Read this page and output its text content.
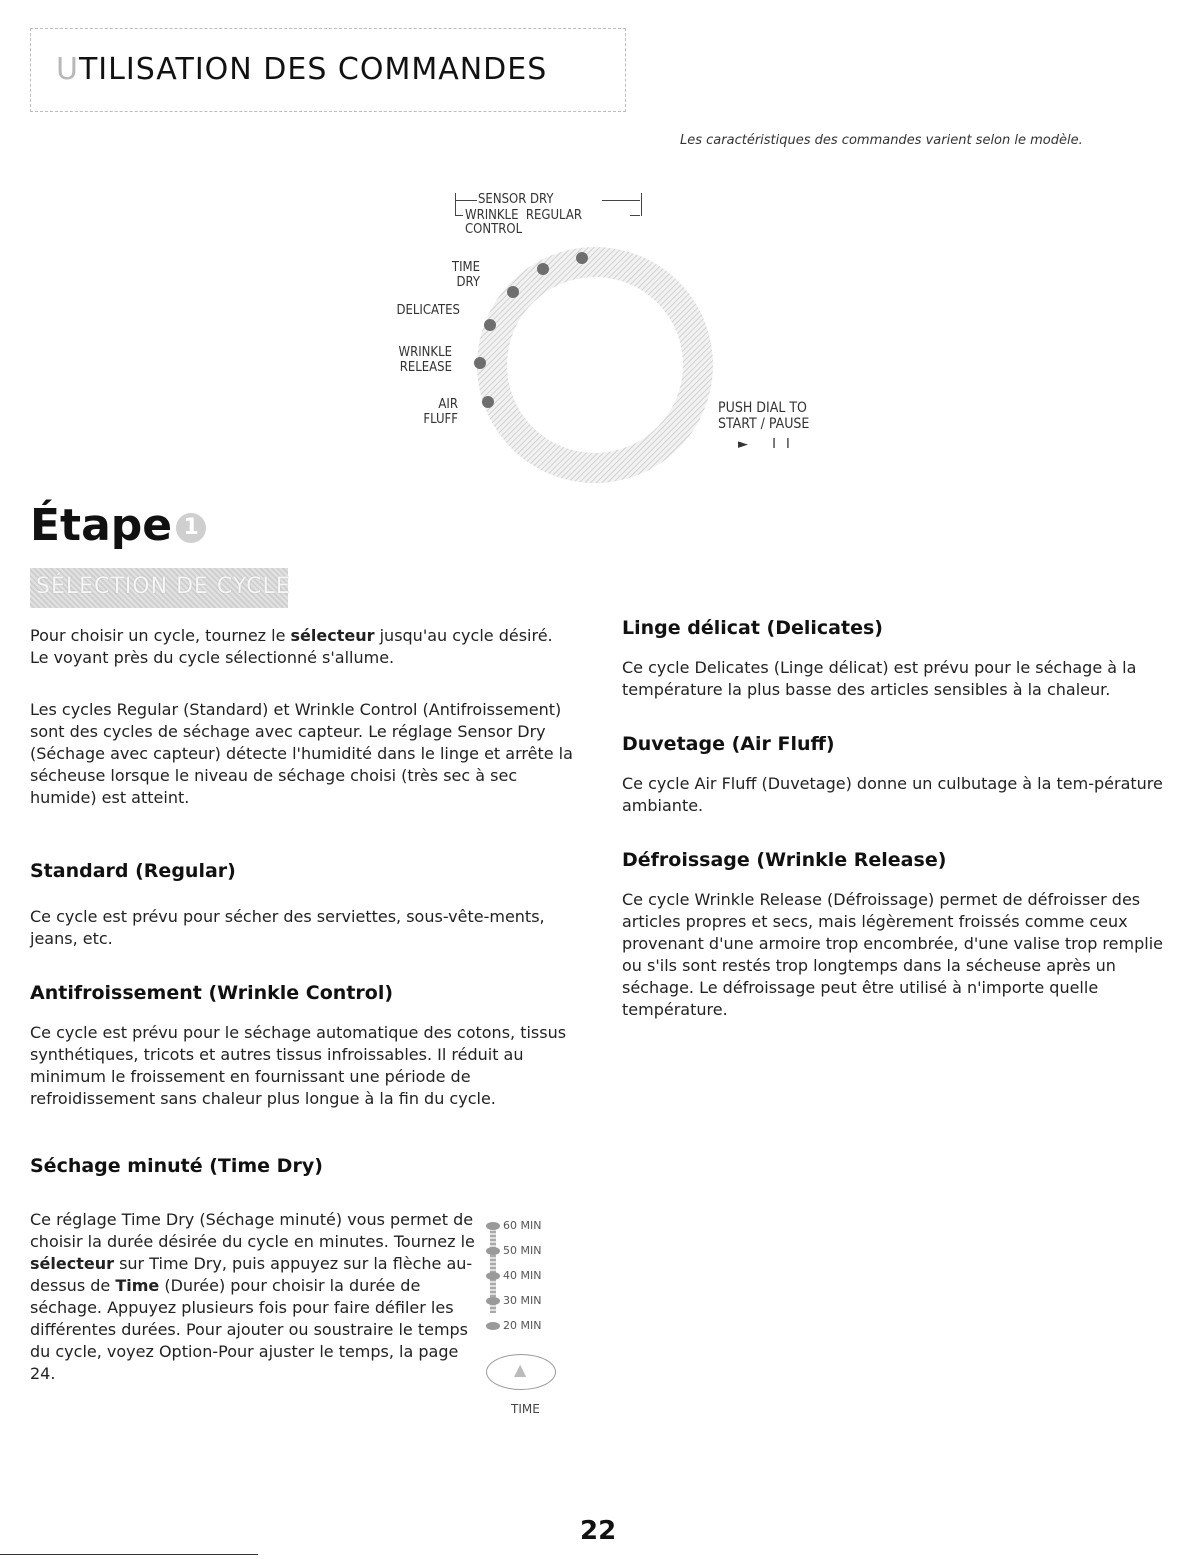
UTILISATION DES COMMANDES
Les caractéristiques des commandes varient selon le modèle.
SENSOR DRY
WRINKLE  REGULAR
CONTROL
TIME
DRY
DELICATES
WRINKLE
RELEASE
AIR
FLUFF
PUSH DIAL TO
START / PAUSE
► II
Étape 1
SÉLECTION DE CYCLE
Pour choisir un cycle, tournez le sélecteur jusqu'au cycle désiré. Le voyant près du cycle sélectionné s'allume.
Les cycles Regular (Standard) et Wrinkle Control (Antifroissement) sont des cycles de séchage avec capteur. Le réglage Sensor Dry (Séchage avec capteur) détecte l'humidité dans le linge et arrête la sécheuse lorsque le niveau de séchage choisi (très sec à sec humide) est atteint.
Standard (Regular)
Ce cycle est prévu pour sécher des serviettes, sous-vête-ments, jeans, etc.
Antifroissement (Wrinkle Control)
Ce cycle est prévu pour le séchage automatique des cotons, tissus synthétiques, tricots et autres tissus infroissables. Il réduit au minimum le froissement en fournissant une période de refroidissement sans chaleur plus longue à la fin du cycle.
Séchage minuté (Time Dry)
Ce réglage Time Dry (Séchage minuté) vous permet de choisir la durée désirée du cycle en minutes. Tournez le sélecteur sur Time Dry, puis appuyez sur la flèche au-dessus de Time (Durée) pour choisir la durée de séchage. Appuyez plusieurs fois pour faire défiler les différentes durées. Pour ajouter ou soustraire le temps du cycle, voyez Option-Pour ajuster le temps, la page 24.
60 MIN
50 MIN
40 MIN
30 MIN
20 MIN
▲
TIME
Linge délicat (Delicates)
Ce cycle Delicates (Linge délicat) est prévu pour le séchage à la température la plus basse des articles sensibles à la chaleur.
Duvetage (Air Fluff)
Ce cycle Air Fluff (Duvetage) donne un culbutage à la tem-pérature ambiante.
Défroissage (Wrinkle Release)
Ce cycle Wrinkle Release (Défroissage) permet de défroisser des articles propres et secs, mais légèrement froissés comme ceux provenant d'une armoire trop encombrée, d'une valise trop remplie ou s'ils sont restés trop longtemps dans la sécheuse après un séchage. Le défroissage peut être utilisé à n'importe quelle température.
22
